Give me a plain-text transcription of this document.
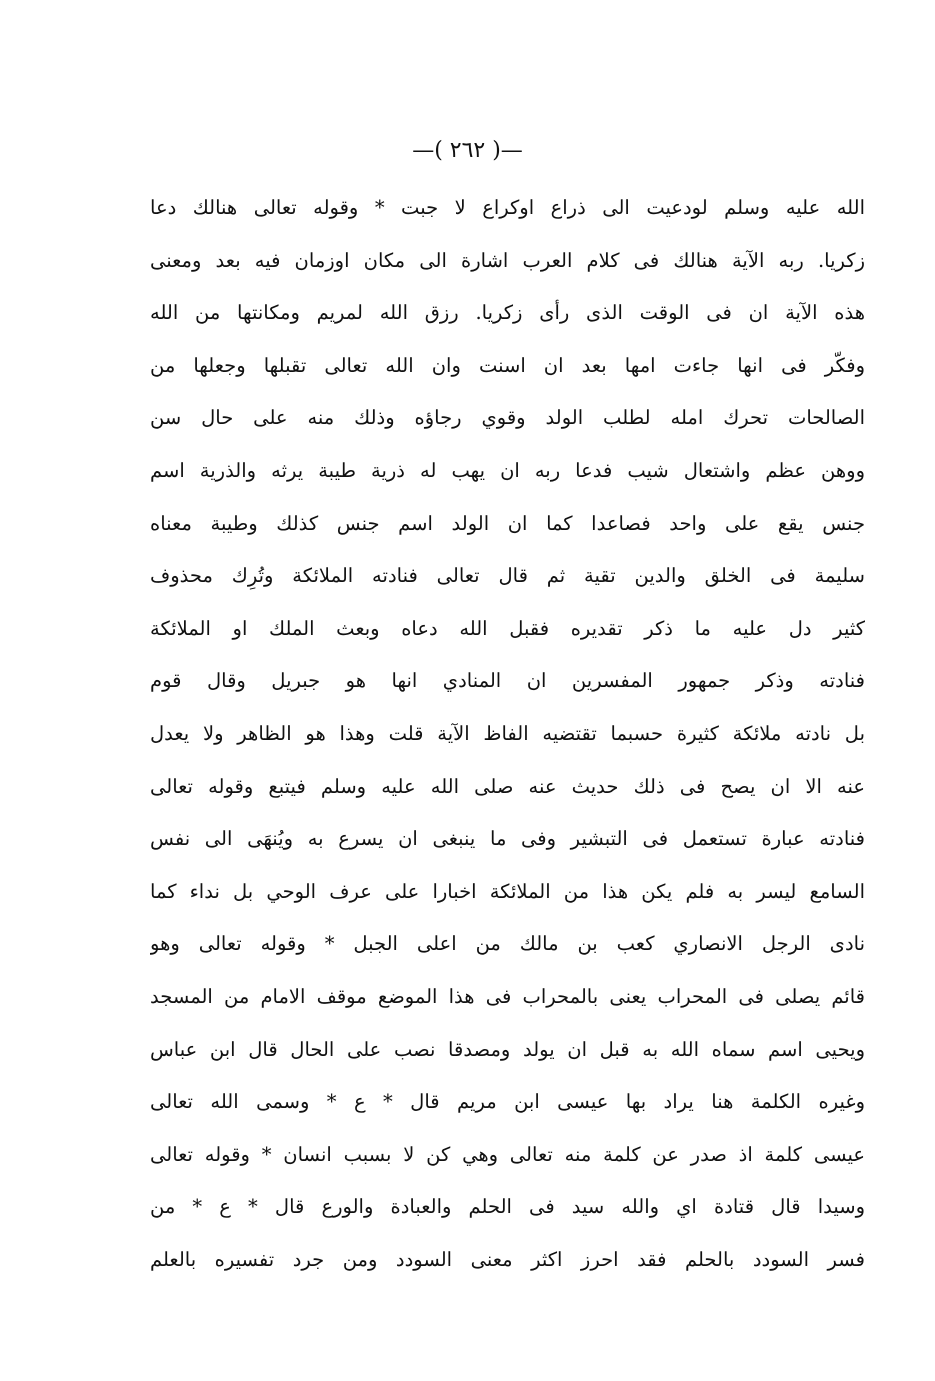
—( ٢٦٢ )—
الله عليه وسلم لودعيت الى ذراع اوكراع لا جبت * وقوله تعالى هنالك دعا
زكريا. ربه الآية هنالك فى كلام العرب اشارة الى مكان اوزمان فيه بعد ومعنى
هذه الآية ان فى الوقت الذى رأى زكريا. رزق الله لمريم ومكانتها من الله
وفكّر فى انها جاءت امها بعد ان اسنت وان الله تعالى تقبلها وجعلها من
الصالحات تحرك امله لطلب الولد وقوي رجاؤه وذلك منه على حال سن
ووهن عظم واشتعال شيب فدعا ربه ان يهب له ذرية طيبة يرثه والذرية اسم
جنس يقع على واحد فصاعدا كما ان الولد اسم جنس كذلك وطيبة معناه
سليمة فى الخلق والدين تقية ثم قال تعالى فنادته الملائكة وتُرِك محذوف
كثير دل عليه ما ذكر تقديره فقبل الله دعاه وبعث الملك او الملائكة
فنادته وذكر جمهور المفسرين ان المنادي انها هو جبريل وقال قوم
بل نادته ملائكة كثيرة حسبما تقتضيه الفاظ الآية قلت وهذا هو الظاهر ولا يعدل
عنه الا ان يصح فى ذلك حديث عنه صلى الله عليه وسلم فيتبع وقوله تعالى
فنادته عبارة تستعمل فى التبشير وفى ما ينبغى ان يسرع به ويُنهَى الى نفس
السامع ليسر به فلم يكن هذا من الملائكة اخبارا على عرف الوحي بل نداء كما
نادى الرجل الانصاري كعب بن مالك من اعلى الجبل * وقوله تعالى وهو
قائم يصلى فى المحراب يعنى بالمحراب فى هذا الموضع موقف الامام من المسجد
ويحيى اسم سماه الله به قبل ان يولد ومصدقا نصب على الحال قال ابن عباس
وغيره الكلمة هنا يراد بها عيسى ابن مريم قال * ع * وسمى الله تعالى
عيسى كلمة اذ صدر عن كلمة منه تعالى وهي كن لا بسبب انسان * وقوله تعالى
وسيدا قال قتادة اي والله سيد فى الحلم والعبادة والورع قال * ع * من
فسر السودد بالحلم فقد احرز اكثر معنى السودد ومن جرد تفسيره بالعلم
